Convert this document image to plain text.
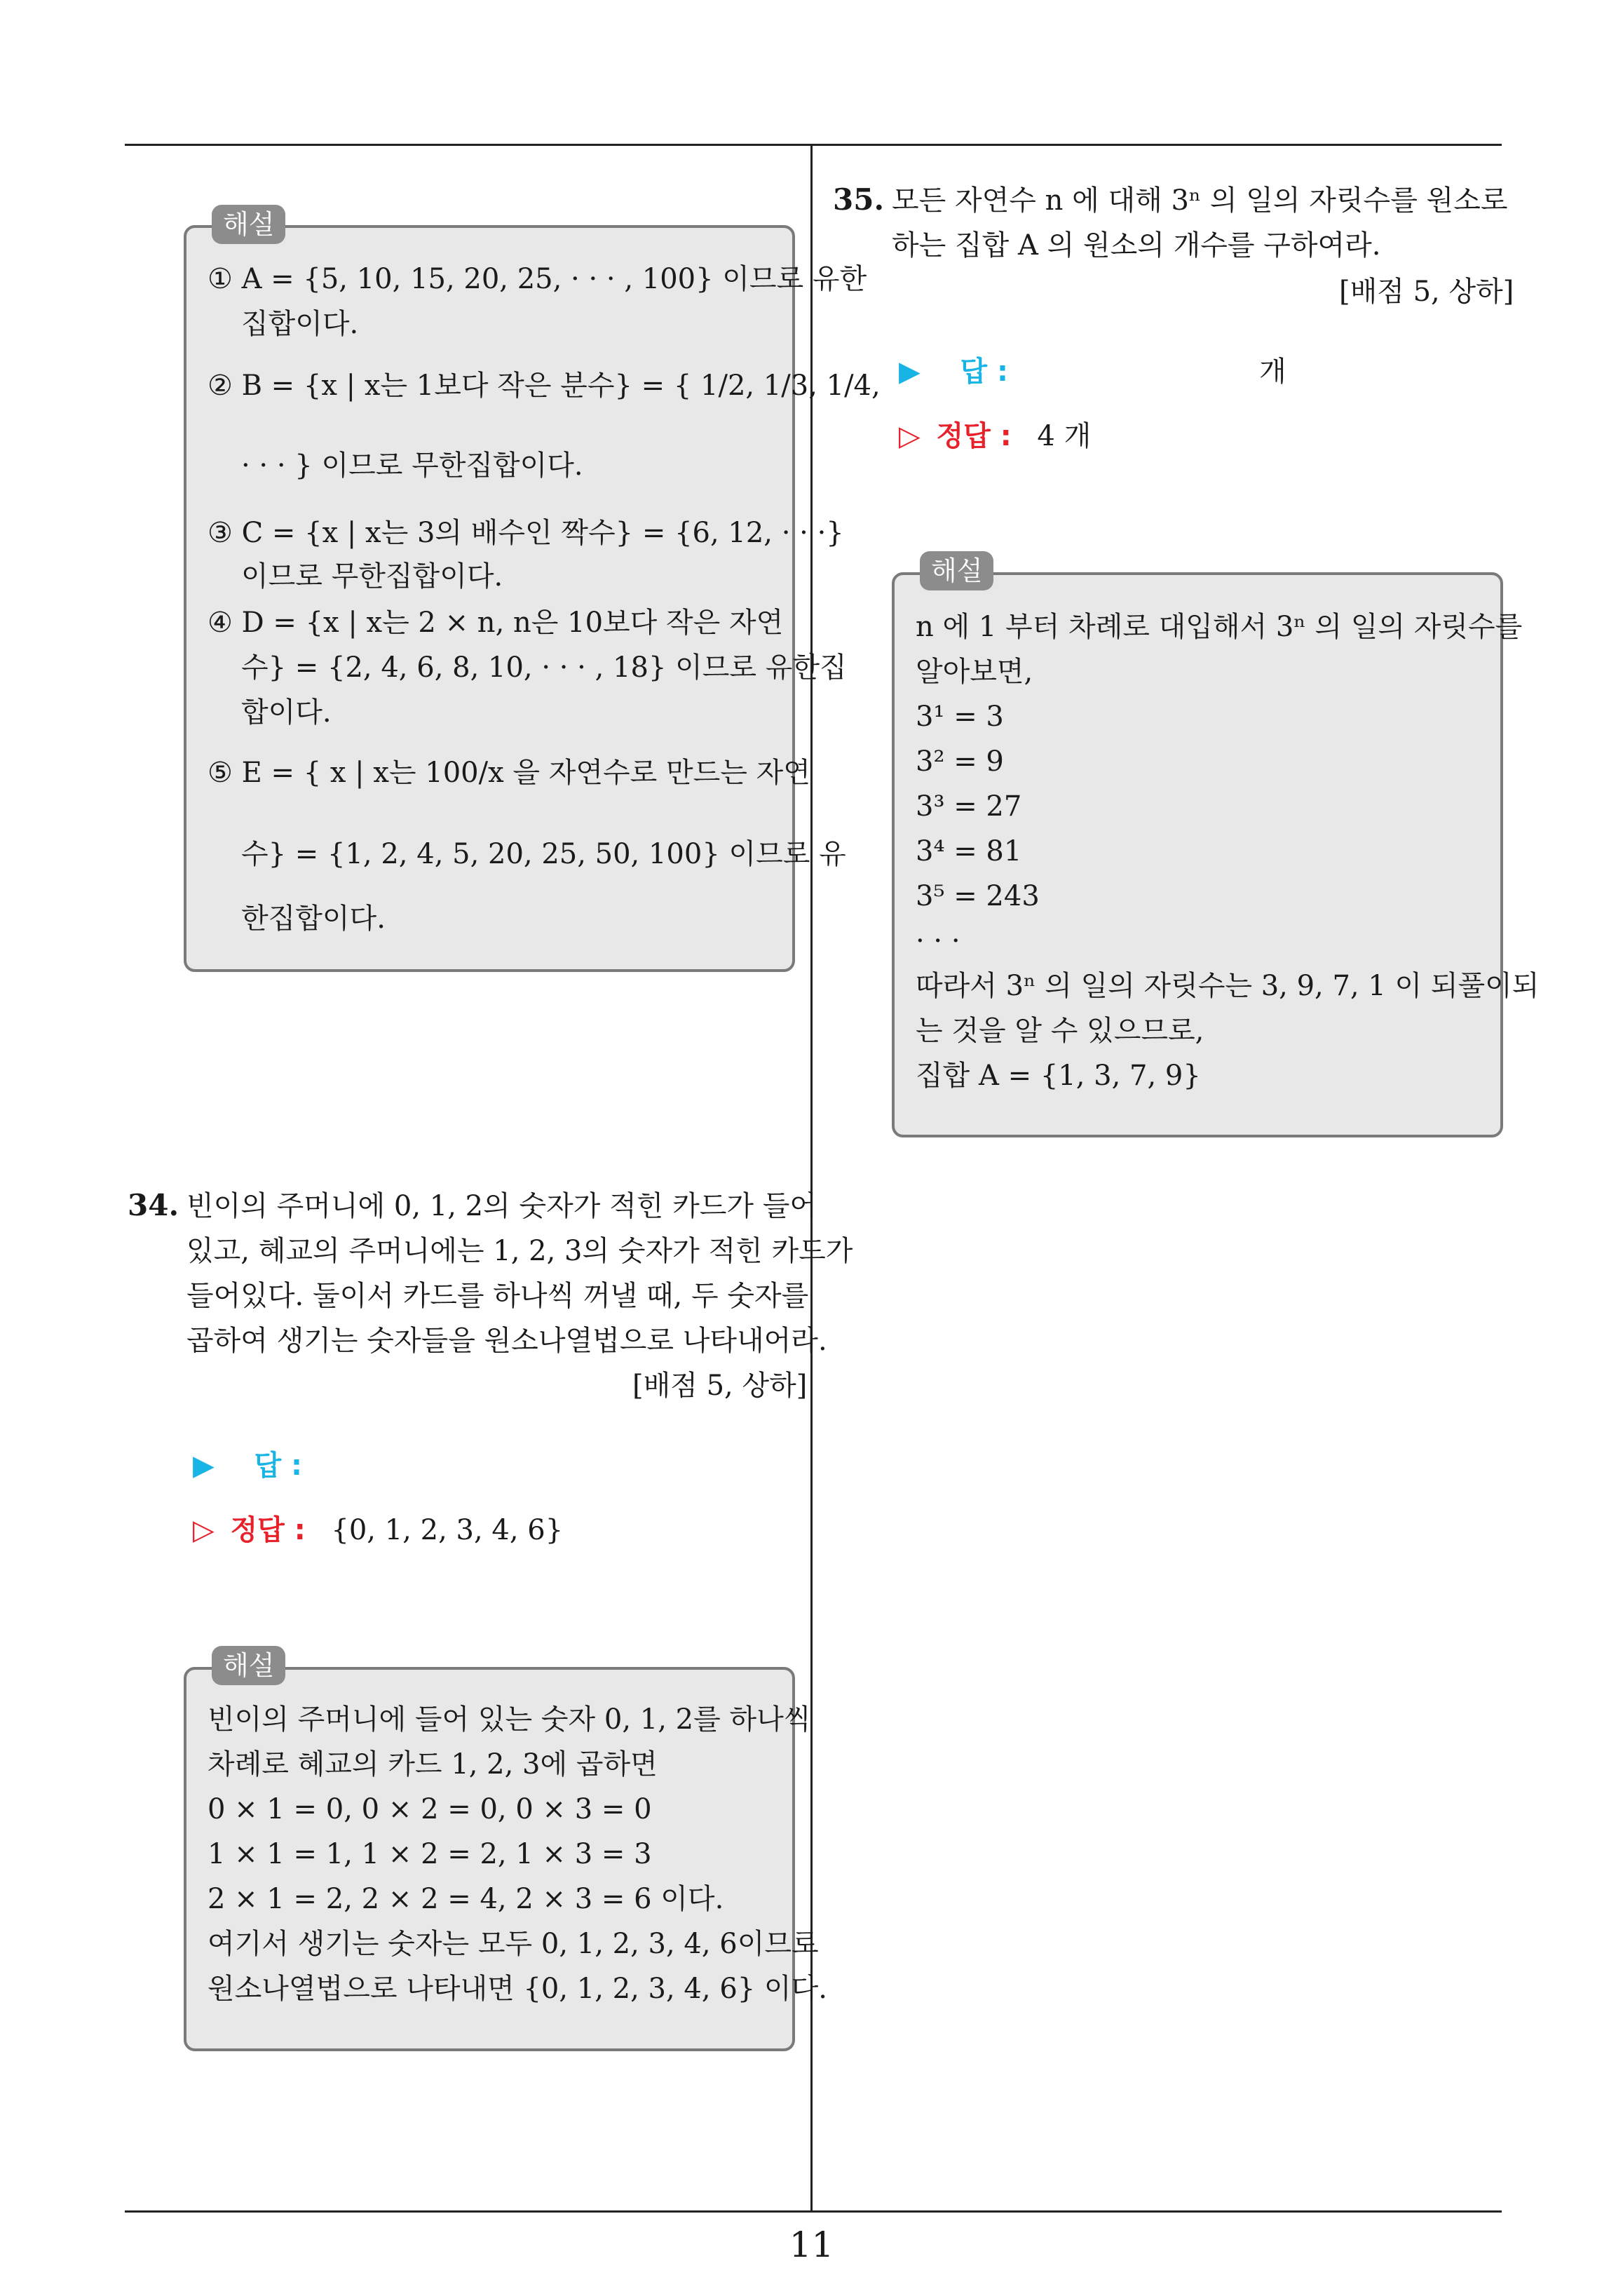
11
해설
① A = {5, 10, 15, 20, 25, · · · , 100} 이므로 유한
집합이다.
② B = {x | x는 1보다 작은 분수} = { 1/2, 1/3, 1/4,
· · · } 이므로 무한집합이다.
③ C = {x | x는 3의 배수인 짝수} = {6, 12, · · ·}
이므로 무한집합이다.
④ D = {x | x는 2 × n, n은 10보다 작은 자연
수} = {2, 4, 6, 8, 10, · · · , 18} 이므로 유한집
합이다.
⑤ E = { x | x는 100/x 을 자연수로 만드는 자연
수} = {1, 2, 4, 5, 20, 25, 50, 100} 이므로 유
한집합이다.
34. 빈이의 주머니에 0, 1, 2의 숫자가 적힌 카드가 들어
있고, 혜교의 주머니에는 1, 2, 3의 숫자가 적힌 카드가
들어있다. 둘이서 카드를 하나씩 꺼낼 때, 두 숫자를
곱하여 생기는 숫자들을 원소나열법으로 나타내어라.
[배점 5, 상하]
▶ 답 :
▷ 정답 : {0, 1, 2, 3, 4, 6}
해설
빈이의 주머니에 들어 있는 숫자 0, 1, 2를 하나씩
차례로 혜교의 카드 1, 2, 3에 곱하면
0 × 1 = 0, 0 × 2 = 0, 0 × 3 = 0
1 × 1 = 1, 1 × 2 = 2, 1 × 3 = 3
2 × 1 = 2, 2 × 2 = 4, 2 × 3 = 6 이다.
여기서 생기는 숫자는 모두 0, 1, 2, 3, 4, 6이므로
원소나열법으로 나타내면 {0, 1, 2, 3, 4, 6} 이다.
35. 모든 자연수 n 에 대해 3ⁿ 의 일의 자릿수를 원소로
하는 집합 A 의 원소의 개수를 구하여라.
[배점 5, 상하]
▶ 답 :	개
▷ 정답 : 4 개
해설
n 에 1 부터 차례로 대입해서 3ⁿ 의 일의 자릿수를
알아보면,
3¹ = 3
3² = 9
3³ = 27
3⁴ = 81
3⁵ = 243
· · ·
따라서 3ⁿ 의 일의 자릿수는 3, 9, 7, 1 이 되풀이되
는 것을 알 수 있으므로,
집합 A = {1, 3, 7, 9}
